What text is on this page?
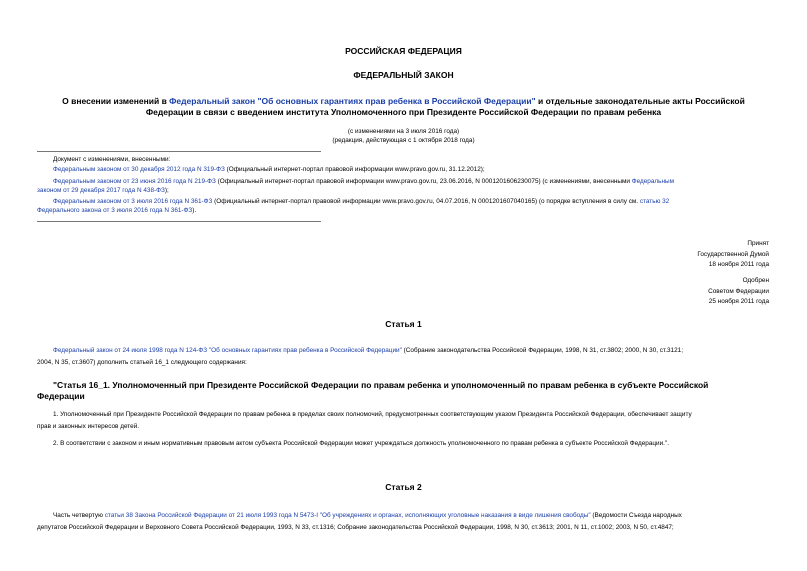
РОССИЙСКАЯ ФЕДЕРАЦИЯ
ФЕДЕРАЛЬНЫЙ ЗАКОН
О внесении изменений в Федеральный закон "Об основных гарантиях прав ребенка в Российской Федерации" и отдельные законодательные акты Российской
Федерации в связи с введением института Уполномоченного при Президенте Российской Федерации по правам ребенка
(с изменениями на 3 июля 2016 года)
(редакция, действующая с 1 октября 2018 года)
Документ с изменениями, внесенными:
Федеральным законом от 30 декабря 2012 года N 319-ФЗ (Официальный интернет-портал правовой информации www.pravo.gov.ru, 31.12.2012);
Федеральным законом от 23 июня 2016 года N 219-ФЗ (Официальный интернет-портал правовой информации www.pravo.gov.ru, 23.06.2016, N 0001201606230075) (с изменениями, внесенными Федеральным
законом от 29 декабря 2017 года N 438-ФЗ);
Федеральным законом от 3 июля 2016 года N 361-ФЗ (Официальный интернет-портал правовой информации www.pravo.gov.ru, 04.07.2016, N 0001201607040165) (о порядке вступления в силу см. статью 32
Федерального закона от 3 июля 2016 года N 361-ФЗ).
Принят
Государственной Думой
18 ноября 2011 года
Одобрен
Советом Федерации
25 ноября 2011 года
Статья 1
Федеральный закон от 24 июля 1998 года N 124-ФЗ "Об основных гарантиях прав ребенка в Российской Федерации" (Собрание законодательства Российской Федерации, 1998, N 31, ст.3802; 2000, N 30, ст.3121;
2004, N 35, ст.3607) дополнить статьей 16_1 следующего содержания:
"Статья 16_1. Уполномоченный при Президенте Российской Федерации по правам ребенка и уполномоченный по правам ребенка в субъекте Российской
Федерации
1. Уполномоченный при Президенте Российской Федерации по правам ребенка в пределах своих полномочий, предусмотренных соответствующим указом Президента Российской Федерации, обеспечивает защиту
прав и законных интересов детей.
2. В соответствии с законом и иным нормативным правовым актом субъекта Российской Федерации может учреждаться должность уполномоченного по правам ребенка в субъекте Российской Федерации.".
Статья 2
Часть четвертую статьи 38 Закона Российской Федерации от 21 июля 1993 года N 5473-I "Об учреждениях и органах, исполняющих уголовные наказания в виде лишения свободы" (Ведомости Съезда народных
депутатов Российской Федерации и Верховного Совета Российской Федерации, 1993, N 33, ст.1316; Собрание законодательства Российской Федерации, 1998, N 30, ст.3613; 2001, N 11, ст.1002; 2003, N 50, ст.4847;
